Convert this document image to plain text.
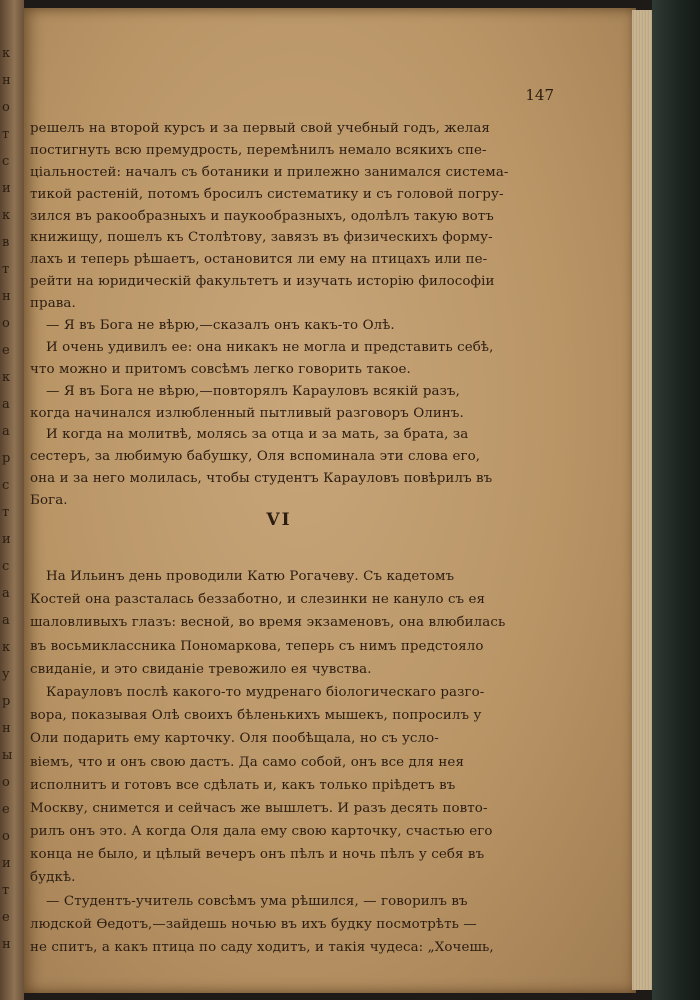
к
н
о
т
с
и
к
в
т
н
о
е
к
а
а
р
с
т
и
с
а
а
к
у
р
н
ы
о
е
о
и
т
е
н
147
решелъ на второй курсъ и за первый свой учебный годъ, желая
постигнуть всю премудрость, перемѣнилъ немало всякихъ спе-
ціальностей: началъ съ ботаники и прилежно занимался система-
тикой растеній, потомъ бросилъ систематику и съ головой погру-
зился въ ракообразныхъ и паукообразныхъ, одолѣлъ такую вотъ
книжищу, пошелъ къ Столѣтову, завязъ въ физическихъ форму-
лахъ и теперь рѣшаетъ, остановится ли ему на птицахъ или пе-
рейти на юридическій факультетъ и изучать исторію философіи
права.
— Я въ Бога не вѣрю,—сказалъ онъ какъ-то Олѣ.
И очень удивилъ ее: она никакъ не могла и представить себѣ,
что можно и притомъ совсѣмъ легко говорить такое.
— Я въ Бога не вѣрю,—повторялъ Карауловъ всякій разъ,
когда начинался излюбленный пытливый разговоръ Олинъ.
И когда на молитвѣ, молясь за отца и за мать, за брата, за
сестеръ, за любимую бабушку, Оля вспоминала эти слова его,
она и за него молилась, чтобы студентъ Карауловъ повѣрилъ въ
Бога.
VI
На Ильинъ день проводили Катю Рогачеву. Съ кадетомъ
Костей она разсталась беззаботно, и слезинки не кануло съ ея
шаловливыхъ глазъ: весной, во время экзаменовъ, она влюбилась
въ восьмиклассника Пономаркова, теперь съ нимъ предстояло
свиданіе, и это свиданіе тревожило ея чувства.
Карауловъ послѣ какого-то мудренаго біологическаго разго-
вора, показывая Олѣ своихъ бѣленькихъ мышекъ, попросилъ у
Оли подарить ему карточку. Оля пообѣщала, но съ усло-
віемъ, что и онъ свою дастъ. Да само собой, онъ все для нея
исполнитъ и готовъ все сдѣлать и, какъ только пріѣдетъ въ
Москву, снимется и сейчасъ же вышлетъ. И разъ десять повто-
рилъ онъ это. А когда Оля дала ему свою карточку, счастью его
конца не было, и цѣлый вечеръ онъ пѣлъ и ночь пѣлъ у себя въ
будкѣ.
— Студентъ-учитель совсѣмъ ума рѣшился, — говорилъ въ
людской Ѳедотъ,—зайдешь ночью въ ихъ будку посмотрѣть —
не спитъ, а какъ птица по саду ходитъ, и такія чудеса: „Хочешь,
